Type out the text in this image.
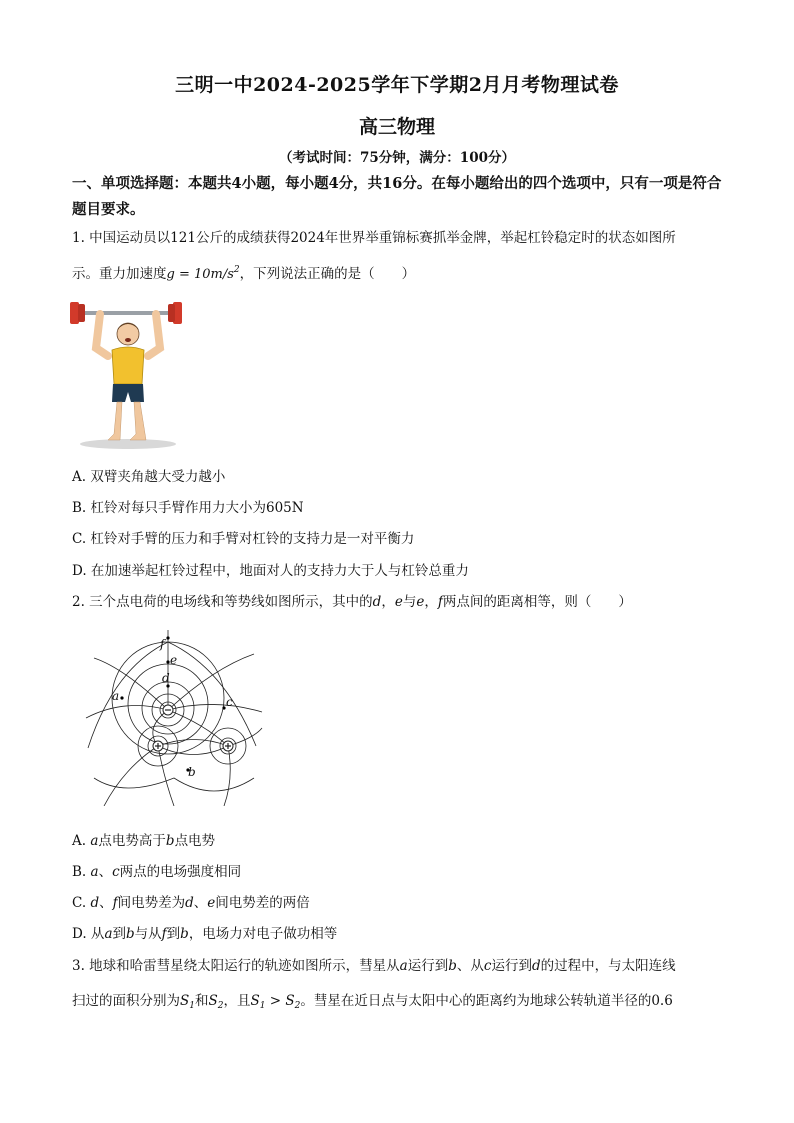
三明一中2024-2025学年下学期2月月考物理试卷
高三物理
（考试时间：75分钟，满分：100分）
一、单项选择题：本题共4小题，每小题4分，共16分。在每小题给出的四个选项中，只有一项是符合题目要求。
1. 中国运动员以121公斤的成绩获得2024年世界举重锦标赛抓举金牌，举起杠铃稳定时的状态如图所
示。重力加速度$g = 10m/s^2$，下列说法正确的是（　　）
A. 双臂夹角越大受力越小
B. 杠铃对每只手臂作用力大小为605N
C. 杠铃对手臂的压力和手臂对杠铃的支持力是一对平衡力
D. 在加速举起杠铃过程中，地面对人的支持力大于人与杠铃总重力
2. 三个点电荷的电场线和等势线如图所示，其中的d，e与e，f两点间的距离相等，则（　　）
f
e
d
a	c
b
A. a点电势高于b点电势
B. a、c两点的电场强度相同
C. d、f间电势差为d、e间电势差的两倍
D. 从a到b与从f到b，电场力对电子做功相等
3. 地球和哈雷彗星绕太阳运行的轨迹如图所示，彗星从a运行到b、从c运行到d的过程中，与太阳连线
扫过的面积分别为$S_1$和$S_2$，且$S_1 > S_2$。彗星在近日点与太阳中心的距离约为地球公转轨道半径的0.6
